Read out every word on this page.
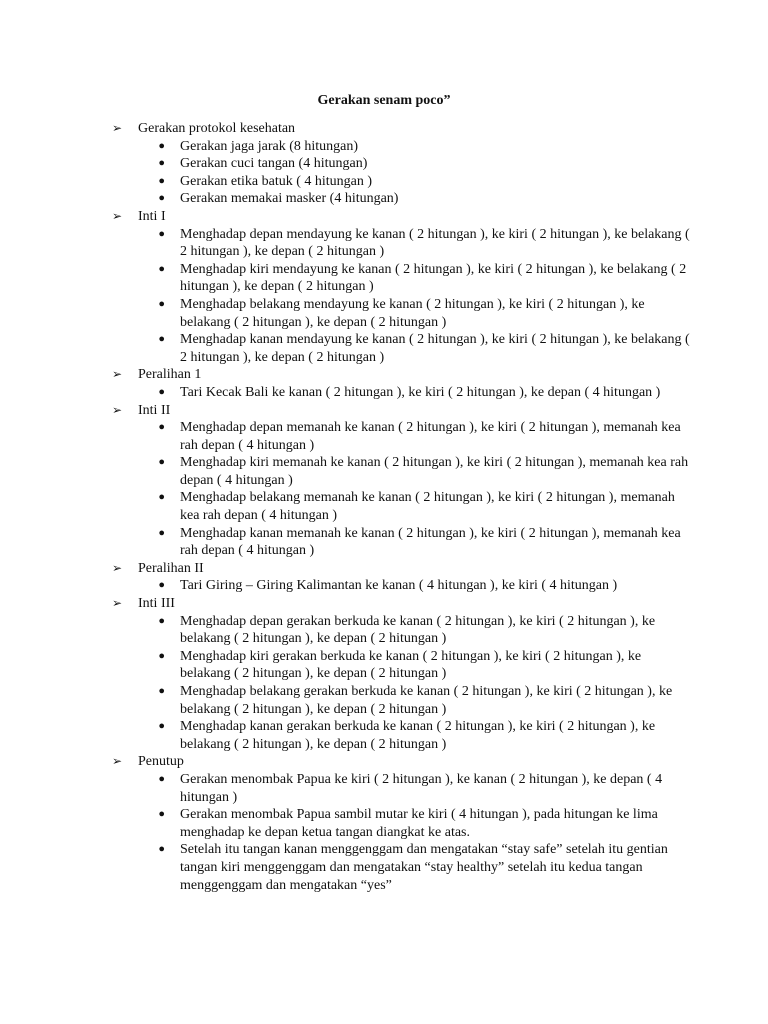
Gerakan senam poco”
➢	Gerakan protokol kesehatan
●	Gerakan jaga jarak (8 hitungan)
●	Gerakan cuci tangan (4 hitungan)
●	Gerakan etika batuk ( 4 hitungan )
●	Gerakan memakai masker (4 hitungan)
➢	Inti I
●	Menghadap depan mendayung ke kanan ( 2 hitungan ), ke kiri ( 2 hitungan ), ke belakang ( 2 hitungan ), ke depan ( 2 hitungan )
●	Menghadap kiri mendayung ke kanan ( 2 hitungan ), ke kiri ( 2 hitungan ), ke belakang ( 2 hitungan ), ke depan ( 2 hitungan )
●	Menghadap belakang mendayung ke kanan ( 2 hitungan ), ke kiri ( 2 hitungan ), ke belakang ( 2 hitungan ), ke depan ( 2 hitungan )
●	Menghadap kanan mendayung ke kanan ( 2 hitungan ), ke kiri ( 2 hitungan ), ke belakang ( 2 hitungan ), ke depan ( 2 hitungan )
➢	Peralihan 1
●	Tari Kecak Bali ke kanan ( 2 hitungan ), ke kiri ( 2 hitungan ), ke depan ( 4 hitungan )
➢	Inti II
●	Menghadap depan memanah ke kanan ( 2 hitungan ), ke kiri ( 2 hitungan ), memanah kea rah depan ( 4 hitungan )
●	Menghadap kiri memanah ke kanan ( 2 hitungan ), ke kiri ( 2 hitungan ), memanah kea rah depan ( 4 hitungan )
●	Menghadap belakang memanah ke kanan ( 2 hitungan ), ke kiri ( 2 hitungan ), memanah kea rah depan ( 4 hitungan )
●	Menghadap kanan memanah ke kanan ( 2 hitungan ), ke kiri ( 2 hitungan ), memanah kea rah depan ( 4 hitungan )
➢	Peralihan II
●	Tari Giring – Giring Kalimantan ke kanan ( 4 hitungan ), ke kiri ( 4 hitungan )
➢	Inti III
●	Menghadap depan gerakan berkuda ke kanan ( 2 hitungan ), ke kiri ( 2 hitungan ), ke belakang ( 2 hitungan ), ke depan ( 2 hitungan )
●	Menghadap kiri gerakan berkuda ke kanan ( 2 hitungan ), ke kiri ( 2 hitungan ), ke belakang ( 2 hitungan ), ke depan ( 2 hitungan )
●	Menghadap belakang gerakan berkuda ke kanan ( 2 hitungan ), ke kiri ( 2 hitungan ), ke belakang ( 2 hitungan ), ke depan ( 2 hitungan )
●	Menghadap kanan gerakan berkuda ke kanan ( 2 hitungan ), ke kiri ( 2 hitungan ), ke belakang ( 2 hitungan ), ke depan ( 2 hitungan )
➢	Penutup
●	Gerakan menombak Papua ke kiri ( 2 hitungan ), ke kanan ( 2 hitungan ), ke depan ( 4 hitungan )
●	Gerakan menombak Papua sambil mutar ke kiri ( 4 hitungan ), pada hitungan ke lima menghadap ke depan ketua tangan diangkat ke atas.
●	Setelah itu tangan kanan menggenggam dan mengatakan “stay safe” setelah itu gentian tangan kiri menggenggam dan mengatakan “stay healthy” setelah itu kedua tangan menggenggam dan mengatakan “yes”
